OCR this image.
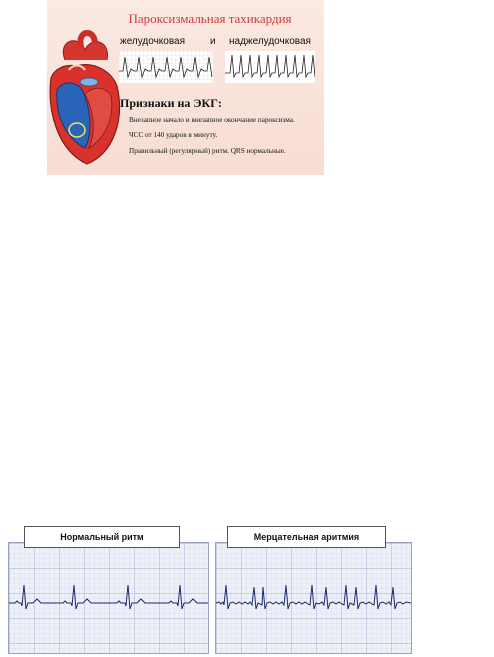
Пароксизмальная тахикардия
желудочковая и наджелудочковая
Признаки на ЭКГ:
Внезапное начало и внезапное окончание пароксизма.
ЧСС от 140 ударов в минуту.
Правильный (регулярный) ритм. QRS нормальные.
Нормальный ритм	Мерцательная аритмия
